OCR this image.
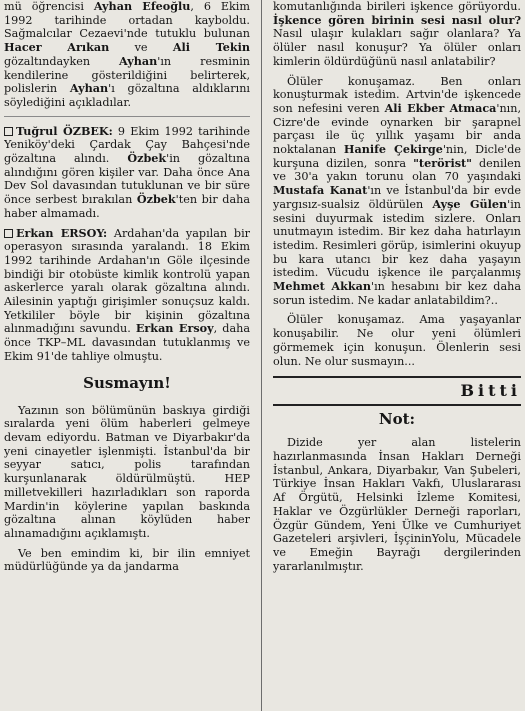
mü öğrencisi Ayhan Efeoğlu, 6 Ekim 1992 tarihinde ortadan kayboldu. Sağmalcılar Cezaevi'nde tutuklu bulunan Hacer Arıkan ve Ali Tekin gözaltındayken Ayhan'ın resminin kendilerine gösterildiğini belirterek, polislerin Ayhan'ı gözaltına aldıklarını söylediğini açıkladılar.

Tuğrul ÖZBEK: 9 Ekim 1992 tarihinde Yeniköy'deki Çardak Çay Bahçesi'nde gözaltına alındı. Özbek'in gözaltına alındığını gören kişiler var. Daha önce Ana Dev Sol davasından tutuklunan ve bir süre önce serbest bırakılan Özbek'ten bir daha haber almamadı.

Erkan ERSOY: Ardahan'da yapılan bir operasyon sırasında yaralandı. 18 Ekim 1992 tarihinde Ardahan'ın Göle ilçesinde bindiği bir otobüste kimlik kontrolü yapan askerlerce yaralı olarak gözaltına alındı. Ailesinin yaptığı girişimler sonuçsuz kaldı. Yetkililer böyle bir kişinin gözaltına alınmadığını savundu. Erkan Ersoy, daha önce TKP–ML davasından tutuklanmış ve Ekim 91'de tahliye olmuştu.

Susmayın!

Yazının son bölümünün baskıya girdiği sıralarda yeni ölüm haberleri gelmeye devam ediyordu. Batman ve Diyarbakır'da yeni cinayetler işlenmişti. İstanbul'da bir seyyar satıcı, polis tarafından kurşunlanarak öldürülmüştü. HEP milletvekilleri hazırladıkları son raporda Mardin'in köylerine yapılan baskında gözaltına alınan köylüden haber alınamadığını açıklamıştı.

Ve ben emindim ki, bir ilin emniyet müdürlüğünde ya da jandarma

komutanlığında birileri işkence görüyordu. İşkence gören birinin sesi nasıl olur? Nasıl ulaşır kulakları sağır olanlara? Ya ölüler nasıl konuşur? Ya ölüler onları kimlerin öldürdüğünü nasıl anlatabilir?

Ölüler konuşamaz. Ben onları konuşturmak istedim. Artvin'de işkencede son nefesini veren Ali Ekber Atmaca'nın, Cizre'de evinde oynarken bir şarapnel parçası ile üç yıllık yaşamı bir anda noktalanan Hanife Çekirge'nin, Dicle'de kurşuna dizilen, sonra "terörist" denilen ve 30'a yakın torunu olan 70 yaşındaki Mustafa Kanat'ın ve İstanbul'da bir evde yargısız-sualsiz öldürülen Ayşe Gülen'in sesini duyurmak istedim sizlere. Onları unutmayın istedim. Bir kez daha hatırlayın istedim. Resimleri görüp, isimlerini okuyup bu kara utancı bir kez daha yaşayın istedim. Vücudu işkence ile parçalanmış Mehmet Akkan'ın hesabını bir kez daha sorun istedim. Ne kadar anlatabildim?..

Ölüler konuşamaz. Ama yaşayanlar konuşabilir. Ne olur yeni ölümleri görmemek için konuşun. Ölenlerin sesi olun. Ne olur susmayın...

Bitti
Not:

Dizide yer alan listelerin hazırlanmasında İnsan Hakları Derneği İstanbul, Ankara, Diyarbakır, Van Şubeleri, Türkiye İnsan Hakları Vakfı, Uluslararası Af Örgütü, Helsinki İzleme Komitesi, Haklar ve Özgürlükler Derneği raporları, Özgür Gündem, Yeni Ülke ve Cumhuriyet Gazeteleri arşivleri, İşçininYolu, Mücadele ve Emeğin Bayrağı dergilerinden yararlanılmıştır.
